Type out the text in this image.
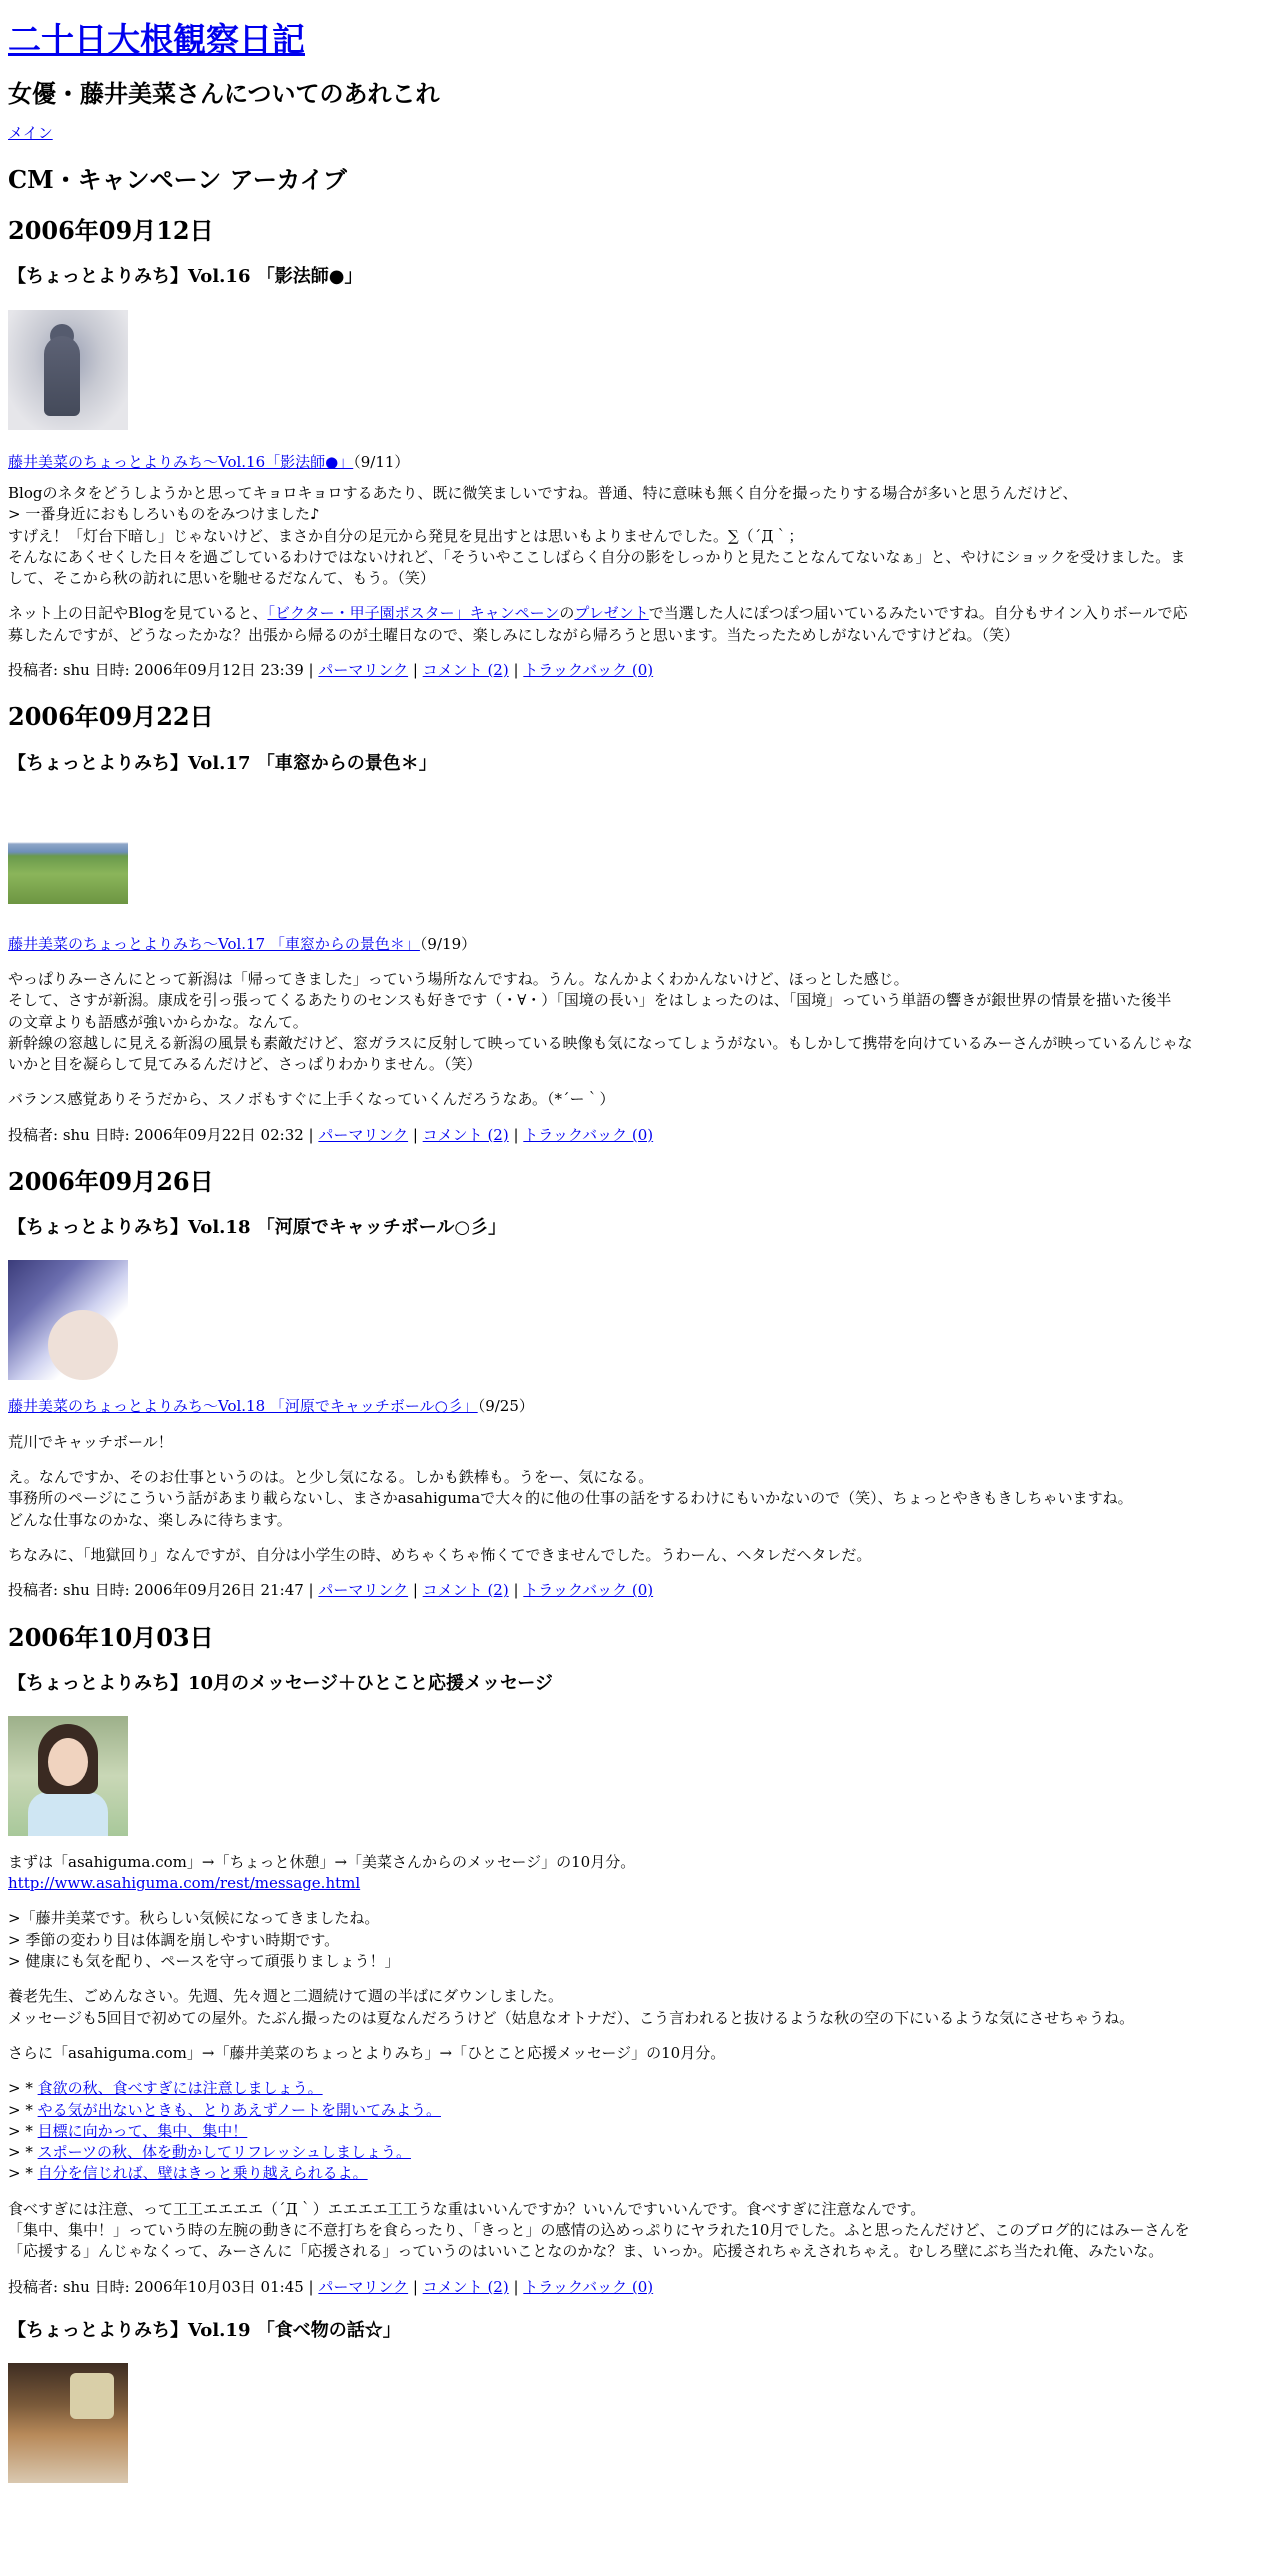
二十日大根観察日記
女優・藤井美菜さんについてのあれこれ
メイン
CM・キャンペーン アーカイブ
2006年09月12日
【ちょっとよりみち】Vol.16 「影法師●」

藤井美菜のちょっとよりみち～Vol.16「影法師●」（9/11）

Blogのネタをどうしようかと思ってキョロキョロするあたり、既に微笑ましいですね。普通、特に意味も無く自分を撮ったりする場合が多いと思うんだけど、
> 一番身近におもしろいものをみつけました♪
すげえ！「灯台下暗し」じゃないけど、まさか自分の足元から発見を見出すとは思いもよりませんでした。∑（´Д｀；
そんなにあくせくした日々を過ごしているわけではないけれど、「そういやここしばらく自分の影をしっかりと見たことなんてないなぁ」と、やけにショックを受けました。ま
して、そこから秋の訪れに思いを馳せるだなんて、もう。（笑）

ネット上の日記やBlogを見ていると、「ビクター・甲子園ポスター」キャンペーンのプレゼントで当選した人にぽつぽつ届いているみたいですね。自分もサイン入りボールで応
募したんですが、どうなったかな？出張から帰るのが土曜日なので、楽しみにしながら帰ろうと思います。当たったためしがないんですけどね。（笑）

投稿者: shu 日時: 2006年09月12日 23:39 | パーマリンク | コメント (2) | トラックバック (0)
2006年09月22日
【ちょっとよりみち】Vol.17 「車窓からの景色＊」

藤井美菜のちょっとよりみち～Vol.17 「車窓からの景色＊」（9/19）

やっぱりみーさんにとって新潟は「帰ってきました」っていう場所なんですね。うん。なんかよくわかんないけど、ほっとした感じ。
そして、さすが新潟。康成を引っ張ってくるあたりのセンスも好きです（・∀・）「国境の長い」をはしょったのは、「国境」っていう単語の響きが銀世界の情景を描いた後半
の文章よりも語感が強いからかな。なんて。
新幹線の窓越しに見える新潟の風景も素敵だけど、窓ガラスに反射して映っている映像も気になってしょうがない。もしかして携帯を向けているみーさんが映っているんじゃな
いかと目を凝らして見てみるんだけど、さっぱりわかりません。（笑）

バランス感覚ありそうだから、スノボもすぐに上手くなっていくんだろうなあ。（*´ー｀）

投稿者: shu 日時: 2006年09月22日 02:32 | パーマリンク | コメント (2) | トラックバック (0)
2006年09月26日
【ちょっとよりみち】Vol.18 「河原でキャッチボール○彡」

藤井美菜のちょっとよりみち～Vol.18 「河原でキャッチボール○彡」（9/25）

荒川でキャッチボール！

え。なんですか、そのお仕事というのは。と少し気になる。しかも鉄棒も。うをー、気になる。
事務所のページにこういう話があまり載らないし、まさかasahigumaで大々的に他の仕事の話をするわけにもいかないので（笑）、ちょっとやきもきしちゃいますね。
どんな仕事なのかな、楽しみに待ちます。

ちなみに、「地獄回り」なんですが、自分は小学生の時、めちゃくちゃ怖くてできませんでした。うわーん、ヘタレだヘタレだ。

投稿者: shu 日時: 2006年09月26日 21:47 | パーマリンク | コメント (2) | トラックバック (0)
2006年10月03日
【ちょっとよりみち】10月のメッセージ＋ひとこと応援メッセージ

まずは「asahiguma.com」→「ちょっと休憩」→「美菜さんからのメッセージ」の10月分。
http://www.asahiguma.com/rest/message.html

>「藤井美菜です。秋らしい気候になってきましたね。
> 季節の変わり目は体調を崩しやすい時期です。
> 健康にも気を配り、ペースを守って頑張りましょう！」

養老先生、ごめんなさい。先週、先々週と二週続けて週の半ばにダウンしました。
メッセージも5回目で初めての屋外。たぶん撮ったのは夏なんだろうけど（姑息なオトナだ）、こう言われると抜けるような秋の空の下にいるような気にさせちゃうね。

さらに「asahiguma.com」→「藤井美菜のちょっとよりみち」→「ひとこと応援メッセージ」の10月分。

> * 食欲の秋、食べすぎには注意しましょう。
> * やる気が出ないときも、とりあえずノートを開いてみよう。
> * 目標に向かって、集中、集中！
> * スポーツの秋、体を動かしてリフレッシュしましょう。
> * 自分を信じれば、壁はきっと乗り越えられるよ。

食べすぎには注意、って工工エエエエ（´Д｀）エエエエ工工うな重はいいんですか？いいんですいいんです。食べすぎに注意なんです。
「集中、集中！」っていう時の左腕の動きに不意打ちを食らったり、「きっと」の感情の込めっぷりにヤラれた10月でした。ふと思ったんだけど、このブログ的にはみーさんを
「応援する」んじゃなくって、みーさんに「応援される」っていうのはいいことなのかな？ま、いっか。応援されちゃえされちゃえ。むしろ壁にぶち当たれ俺、みたいな。

投稿者: shu 日時: 2006年10月03日 01:45 | パーマリンク | コメント (2) | トラックバック (0)
【ちょっとよりみち】Vol.19 「食べ物の話☆」
